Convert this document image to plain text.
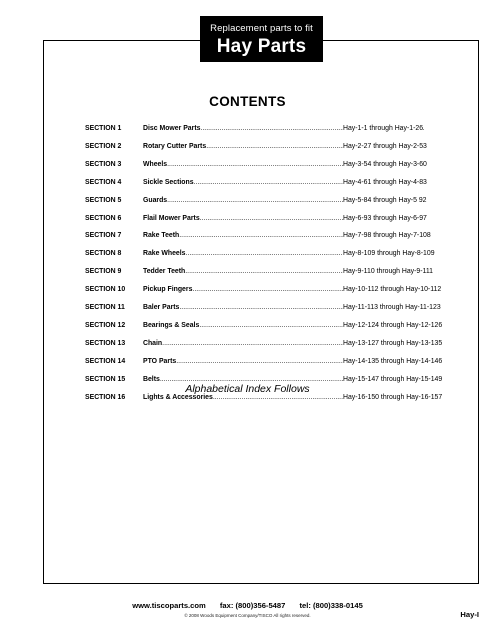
Replacement parts to fit
Hay Parts
CONTENTS
SECTION 1	Disc Mower Parts .....	Hay-1-1 through Hay-1-26
SECTION 2	Rotary Cutter Parts .....	Hay-2-27 through Hay-2-53
SECTION 3	Wheels .....	Hay-3-54 through Hay-3-60
SECTION 4	Sickle Sections .....	Hay-4-61 through Hay-4-83
SECTION 5	Guards .....	Hay-5-84 through Hay-5 92
SECTION 6	Flail Mower Parts .....	Hay-6-93 through Hay-6-97
SECTION 7	Rake Teeth .....	Hay-7-98 through Hay-7-108
SECTION 8	Rake Wheels .....	Hay-8-109 through Hay-8-109
SECTION 9	Tedder Teeth .....	Hay-9-110 through Hay-9-111
SECTION 10	Pickup Fingers .....	Hay-10-112 through Hay-10-112
SECTION 11	Baler Parts .....	Hay-11-113 through Hay-11-123
SECTION 12	Bearings & Seals .....	Hay-12-124 through Hay-12-126
SECTION 13	Chain .....	Hay-13-127 through Hay-13-135
SECTION 14	PTO Parts .....	Hay-14-135 through Hay-14-146
SECTION 15	Belts .....	Hay-15-147 through Hay-15-149
SECTION 16	Lights & Accessories .....	Hay-16-150 through Hay-16-157
Alphabetical Index Follows
www.tiscoparts.com fax: (800)356-5487 tel: (800)338-0145
© 2008 Woods Equipment Company/TISCO All rights reserved.	Hay-I
